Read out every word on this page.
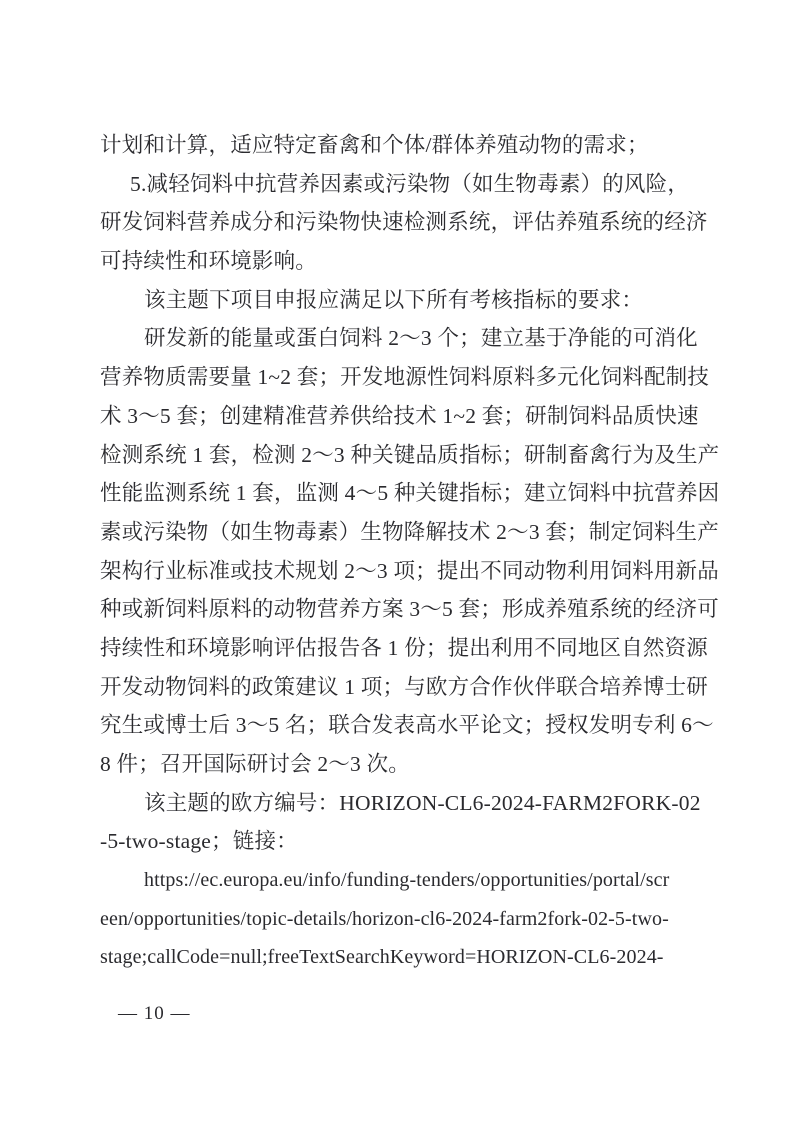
计划和计算，适应特定畜禽和个体/群体养殖动物的需求；
5.减轻饲料中抗营养因素或污染物（如生物毒素）的风险，
研发饲料营养成分和污染物快速检测系统，评估养殖系统的经济
可持续性和环境影响。
该主题下项目申报应满足以下所有考核指标的要求：
研发新的能量或蛋白饲料 2～3 个；建立基于净能的可消化
营养物质需要量 1~2 套；开发地源性饲料原料多元化饲料配制技
术 3～5 套；创建精准营养供给技术 1~2 套；研制饲料品质快速
检测系统 1 套，检测 2～3 种关键品质指标；研制畜禽行为及生产
性能监测系统 1 套，监测 4～5 种关键指标；建立饲料中抗营养因
素或污染物（如生物毒素）生物降解技术 2～3 套；制定饲料生产
架构行业标准或技术规划 2～3 项；提出不同动物利用饲料用新品
种或新饲料原料的动物营养方案 3～5 套；形成养殖系统的经济可
持续性和环境影响评估报告各 1 份；提出利用不同地区自然资源
开发动物饲料的政策建议 1 项；与欧方合作伙伴联合培养博士研
究生或博士后 3～5 名；联合发表高水平论文；授权发明专利 6～
8 件；召开国际研讨会 2～3 次。
该主题的欧方编号：HORIZON-CL6-2024-FARM2FORK-02
-5-two-stage；链接：
https://ec.europa.eu/info/funding-tenders/opportunities/portal/scr
een/opportunities/topic-details/horizon-cl6-2024-farm2fork-02-5-two-
stage;callCode=null;freeTextSearchKeyword=HORIZON-CL6-2024-
— 10 —
